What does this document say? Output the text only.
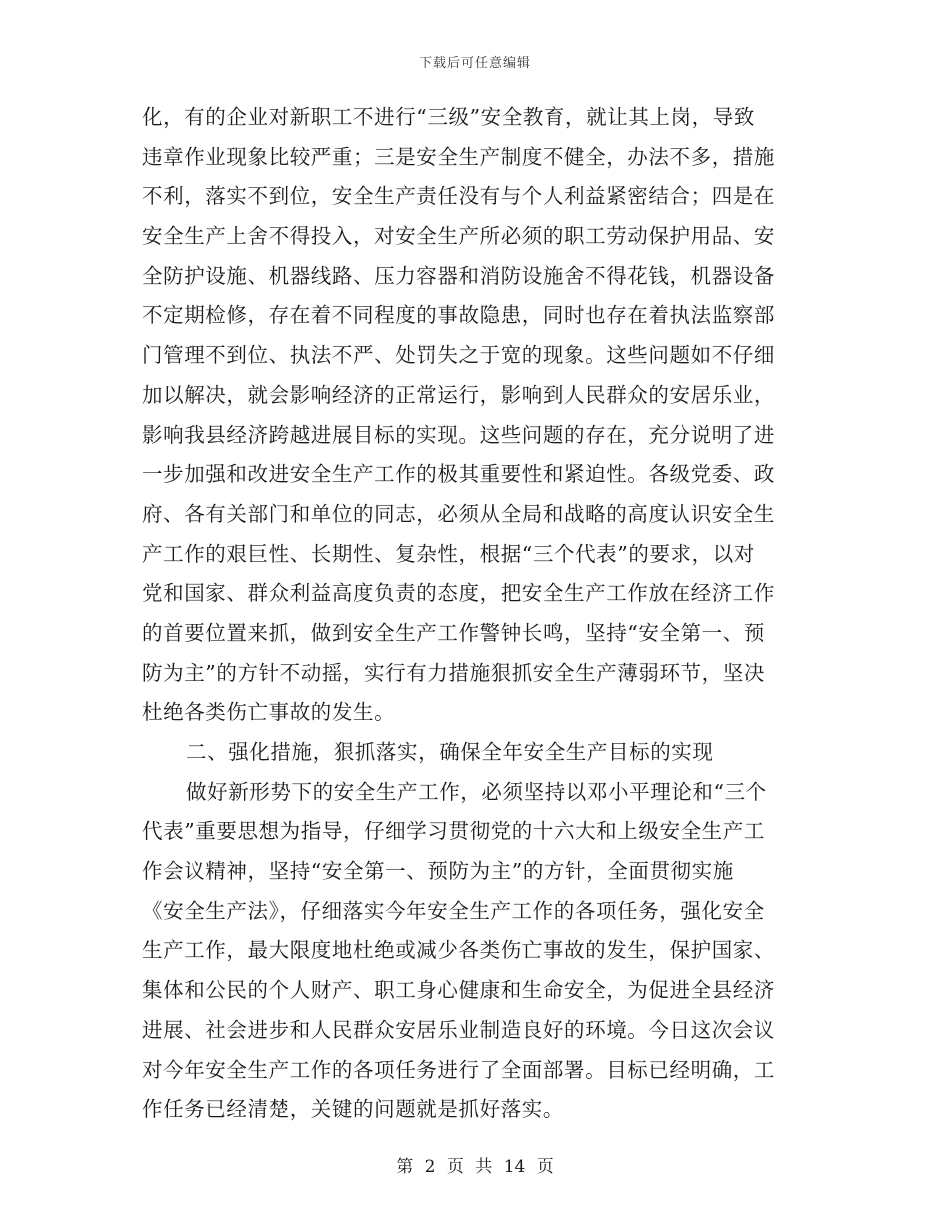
下载后可任意编辑
化，有的企业对新职工不进行“三级”安全教育，就让其上岗，导致
违章作业现象比较严重；三是安全生产制度不健全，办法不多，措施
不利，落实不到位，安全生产责任没有与个人利益紧密结合；四是在
安全生产上舍不得投入，对安全生产所必须的职工劳动保护用品、安
全防护设施、机器线路、压力容器和消防设施舍不得花钱，机器设备
不定期检修，存在着不同程度的事故隐患，同时也存在着执法监察部
门管理不到位、执法不严、处罚失之于宽的现象。这些问题如不仔细
加以解决，就会影响经济的正常运行，影响到人民群众的安居乐业，
影响我县经济跨越进展目标的实现。这些问题的存在，充分说明了进
一步加强和改进安全生产工作的极其重要性和紧迫性。各级党委、政
府、各有关部门和单位的同志，必须从全局和战略的高度认识安全生
产工作的艰巨性、长期性、复杂性，根据“三个代表”的要求，以对
党和国家、群众利益高度负责的态度，把安全生产工作放在经济工作
的首要位置来抓，做到安全生产工作警钟长鸣，坚持“安全第一、预
防为主”的方针不动摇，实行有力措施狠抓安全生产薄弱环节，坚决
杜绝各类伤亡事故的发生。
二、强化措施，狠抓落实，确保全年安全生产目标的实现
做好新形势下的安全生产工作，必须坚持以邓小平理论和“三个
代表”重要思想为指导，仔细学习贯彻党的十六大和上级安全生产工
作会议精神，坚持“安全第一、预防为主”的方针，全面贯彻实施
《安全生产法》，仔细落实今年安全生产工作的各项任务，强化安全
生产工作，最大限度地杜绝或减少各类伤亡事故的发生，保护国家、
集体和公民的个人财产、职工身心健康和生命安全，为促进全县经济
进展、社会进步和人民群众安居乐业制造良好的环境。今日这次会议
对今年安全生产工作的各项任务进行了全面部署。目标已经明确，工
作任务已经清楚，关键的问题就是抓好落实。
第 2 页 共 14 页
